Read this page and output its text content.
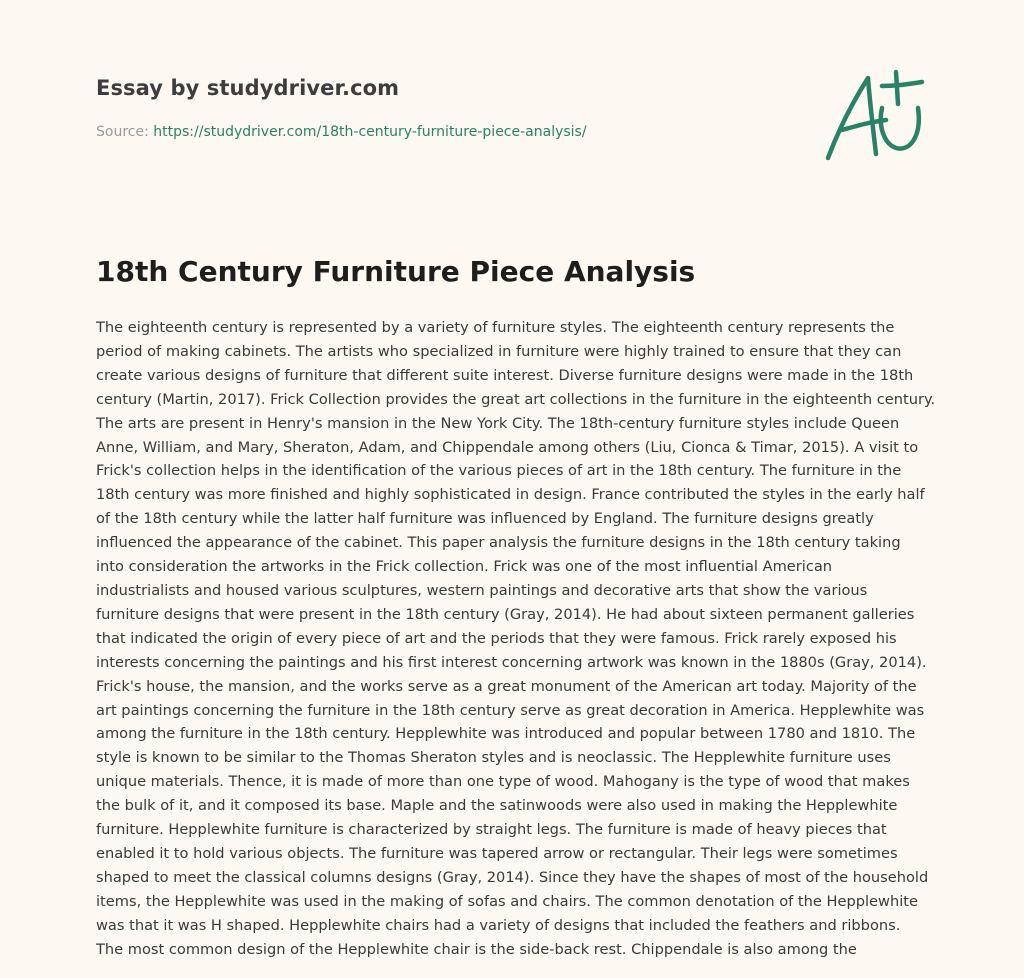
Essay by studydriver.com
Source: https://studydriver.com/18th-century-furniture-piece-analysis/
18th Century Furniture Piece Analysis
The eighteenth century is represented by a variety of furniture styles. The eighteenth century represents the
period of making cabinets. The artists who specialized in furniture were highly trained to ensure that they can
create various designs of furniture that different suite interest. Diverse furniture designs were made in the 18th
century (Martin, 2017). Frick Collection provides the great art collections in the furniture in the eighteenth century.
The arts are present in Henry's mansion in the New York City. The 18th-century furniture styles include Queen
Anne, William, and Mary, Sheraton, Adam, and Chippendale among others (Liu, Cionca & Timar, 2015). A visit to
Frick's collection helps in the identification of the various pieces of art in the 18th century. The furniture in the
18th century was more finished and highly sophisticated in design. France contributed the styles in the early half
of the 18th century while the latter half furniture was influenced by England. The furniture designs greatly
influenced the appearance of the cabinet. This paper analysis the furniture designs in the 18th century taking
into consideration the artworks in the Frick collection. Frick was one of the most influential American
industrialists and housed various sculptures, western paintings and decorative arts that show the various
furniture designs that were present in the 18th century (Gray, 2014). He had about sixteen permanent galleries
that indicated the origin of every piece of art and the periods that they were famous. Frick rarely exposed his
interests concerning the paintings and his first interest concerning artwork was known in the 1880s (Gray, 2014).
Frick's house, the mansion, and the works serve as a great monument of the American art today. Majority of the
art paintings concerning the furniture in the 18th century serve as great decoration in America. Hepplewhite was
among the furniture in the 18th century. Hepplewhite was introduced and popular between 1780 and 1810. The
style is known to be similar to the Thomas Sheraton styles and is neoclassic. The Hepplewhite furniture uses
unique materials. Thence, it is made of more than one type of wood. Mahogany is the type of wood that makes
the bulk of it, and it composed its base. Maple and the satinwoods were also used in making the Hepplewhite
furniture. Hepplewhite furniture is characterized by straight legs. The furniture is made of heavy pieces that
enabled it to hold various objects. The furniture was tapered arrow or rectangular. Their legs were sometimes
shaped to meet the classical columns designs (Gray, 2014). Since they have the shapes of most of the household
items, the Hepplewhite was used in the making of sofas and chairs. The common denotation of the Hepplewhite
was that it was H shaped. Hepplewhite chairs had a variety of designs that included the feathers and ribbons.
The most common design of the Hepplewhite chair is the side-back rest. Chippendale is also among the
